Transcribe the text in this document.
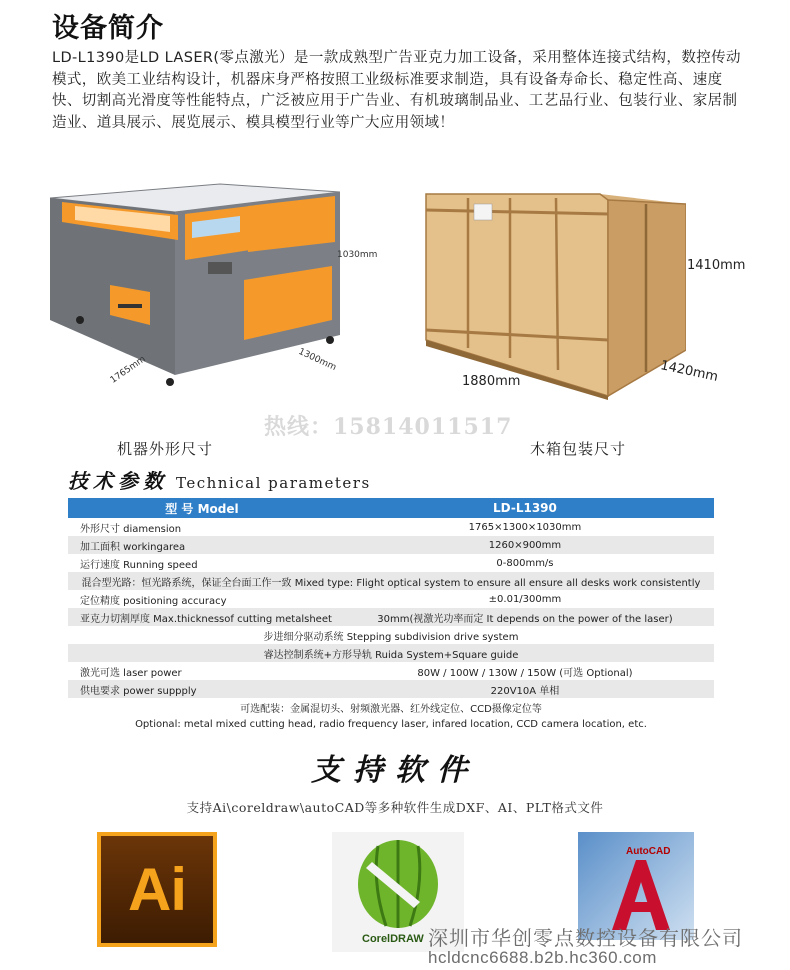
设备简介

LD-L1390是LD LASER(零点激光）是一款成熟型广告亚克力加工设备，采用整体连接式结构，数控传动模式，欧美工业结构设计，机器床身严格按照工业级标准要求制造，具有设备寿命长、稳定性高、速度快、切割高光滑度等性能特点，广泛被应用于广告业、有机玻璃制品业、工艺品行业、包装行业、家居制造业、道具展示、展览展示、模具模型行业等广大应用领域！

1030mm
1300mm
1765mm
1410mm
1880mm	1420mm
热线：15814011517
机器外形尺寸	木箱包装尺寸
技术参数 Technical parameters
型 号 Model	LD-L1390
外形尺寸 diamension	1765×1300×1030mm
加工面积 workingarea	1260×900mm
运行速度 Running speed	0-800mm/s
混合型光路：恒光路系统，保证全台面工作一致 Mixed type: Flight optical system to ensure all ensure all desks work consistently	
定位精度 positioning accuracy	±0.01/300mm
亚克力切割厚度 Max.thicknessof cutting metalsheet	30mm(视激光功率而定 It depends on the power of the laser)
步进细分驱动系统 Stepping subdivision drive system	
睿达控制系统+方形导轨 Ruida System+Square guide	
激光可选 laser power	80W / 100W / 130W / 150W (可选 Optional)
供电要求 power suppply	220V10A 单相
可选配装：金属混切头、射频激光器、红外线定位、CCD摄像定位等
Optional: metal mixed cutting head, radio frequency laser, infared location, CCD camera location, etc.
支持软件
支持Ai\coreldraw\autoCAD等多种软件生成DXF、AI、PLT格式文件
Ai
CorelDRAW
AutoCAD
深圳市华创零点数控设备有限公司
hcldcnc6688.b2b.hc360.com
